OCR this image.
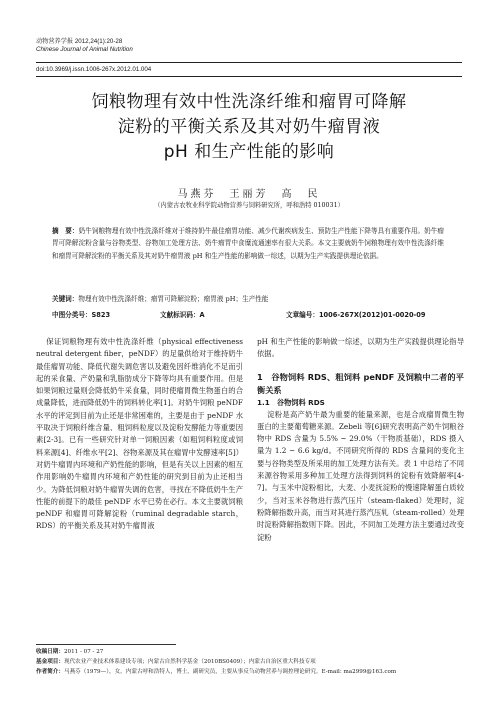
动物营养学报 2012,24(1):20-28
Chinese Journal of Animal Nutrition
doi:10.3969/j.issn.1006-267x.2012.01.004
饲粮物理有效中性洗涤纤维和瘤胃可降解
淀粉的平衡关系及其对奶牛瘤胃液
pH 和生产性能的影响
马燕芬　王丽芳　高　民
（内蒙古农牧业科学院动物营养与饲料研究所，呼和浩特 010031）
摘　要：奶牛饲粮物理有效中性洗涤纤维对于维持奶牛最佳瘤胃功能、减少代谢疾病发生、预防生产性能下降等具有重要作用。奶牛瘤胃可降解淀粉含量与谷物类型、谷物加工处理方法、奶牛瘤胃中食糜流通速率有很大关系。本文主要就奶牛饲粮物理有效中性洗涤纤维和瘤胃可降解淀粉的平衡关系及其对奶牛瘤胃液 pH 和生产性能的影响做一综述，以期为生产实践提供理论依据。
关键词：物理有效中性洗涤纤维；瘤胃可降解淀粉；瘤胃液 pH；生产性能
中图分类号：S823	文献标识码：A	文章编号：1006-267X(2012)01-0020-09

保证饲粮物理有效中性洗涤纤维（physical effectiveness neutral detergent fiber，peNDF）的足量供给对于维持奶牛最佳瘤胃功能、降低代谢失调危害以及避免因纤维消化不足而引起的采食量、产奶量和乳脂肪成分下降等均具有重要作用。但是如果饲粮过量则会降低奶牛采食量，同时使瘤胃微生物蛋白的合成量降低，进而降低奶牛的饲料转化率[1]。对奶牛饲粮 peNDF 水平的评定到目前为止还是非常困难的，主要是由于 peNDF 水平取决于饲粮纤维含量、粗饲料粒度以及淀粉发酵能力等重要因素[2-3]。已有一些研究针对单一饲粮因素（如粗饲料粒度或饲料来源[4]、纤维水平[2]、谷物来源及其在瘤胃中发酵速率[5]）对奶牛瘤胃内环境和产奶性能的影响，但是有关以上因素的相互作用影响奶牛瘤胃内环境和产奶性能的研究到目前为止还相当少。为降低饲粮对奶牛瘤胃失调的危害，寻找在不降低奶牛生产性能的前提下的最佳 peNDF 水平已势在必行。本文主要就饲粮 peNDF 和瘤胃可降解淀粉（ruminal degradable starch，RDS）的平衡关系及其对奶牛瘤胃液

pH 和生产性能的影响做一综述，以期为生产实践提供理论指导依据。

1　谷物饲料 RDS、粗饲料 peNDF 及饲粮中二者的平衡关系
1.1　谷物饲料 RDS

淀粉是高产奶牛最为重要的能量来源，也是合成瘤胃微生物蛋白的主要葡萄糖来源。Zebeli 等[6]研究表明高产奶牛饲粮谷物中 RDS 含量为 5.5% ~ 29.0%（干物质基础），RDS 摄入量为 1.2 ~ 6.6 kg/d。不同研究所得的 RDS 含量间的变化主要与谷物类型及所采用的加工处理方法有关。表 1 中总结了不同来源谷物采用多种加工处理方法得到饲料的淀粉有效降解率[4-7]。与玉米中淀粉相比，大麦、小麦抚淀粉的慢速降解蛋白质较少，当对玉米谷物进行蒸汽压片（steam-flaked）处理时，淀粉降解指数升高，而当对其进行蒸汽压轧（steam-rolled）处理时淀粉降解指数则下降。因此，不同加工处理方法主要通过改变淀粉

收稿日期：2011 - 07 - 27
基金项目：现代农业产业技术体系建设专项；内蒙古自然科学基金（2010BS0409）；内蒙古自治区重大科技专项
作者简介：马燕芬（1979—），女，内蒙古呼和浩特人，博士，副研究员，主要从事反刍动物营养与调控理论研究。E-mail: ma2999@163.com
